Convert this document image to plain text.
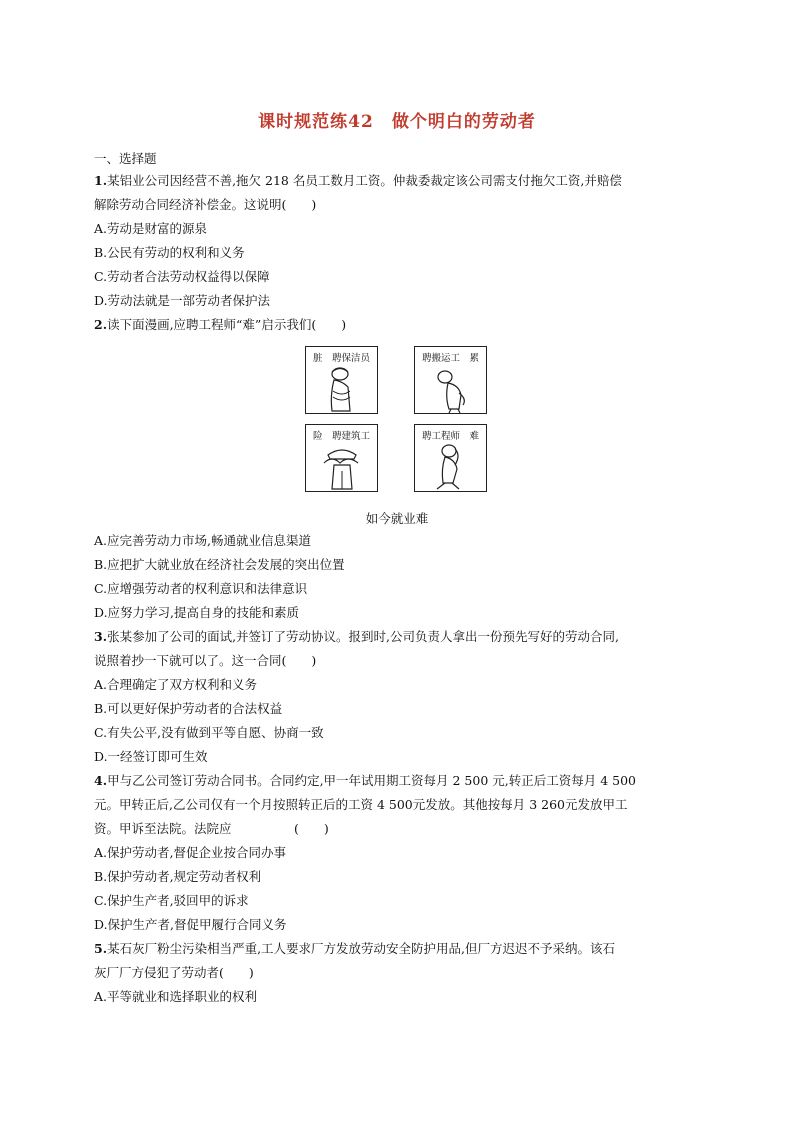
课时规范练42　做个明白的劳动者
一、选择题
1.某铝业公司因经营不善,拖欠 218 名员工数月工资。仲裁委裁定该公司需支付拖欠工资,并赔偿
解除劳动合同经济补偿金。这说明(　　)
A.劳动是财富的源泉
B.公民有劳动的权利和义务
C.劳动者合法劳动权益得以保障
D.劳动法就是一部劳动者保护法
2.读下面漫画,应聘工程师“难”启示我们(　　)
脏　聘保洁员	聘搬运工　累
险　聘建筑工	聘工程师　难
如今就业难
A.应完善劳动力市场,畅通就业信息渠道
B.应把扩大就业放在经济社会发展的突出位置
C.应增强劳动者的权利意识和法律意识
D.应努力学习,提高自身的技能和素质
3.张某参加了公司的面试,并签订了劳动协议。报到时,公司负责人拿出一份预先写好的劳动合同,
说照着抄一下就可以了。这一合同(　　)
A.合理确定了双方权利和义务
B.可以更好保护劳动者的合法权益
C.有失公平,没有做到平等自愿、协商一致
D.一经签订即可生效
4.甲与乙公司签订劳动合同书。合同约定,甲一年试用期工资每月 2 500 元,转正后工资每月 4 500
元。甲转正后,乙公司仅有一个月按照转正后的工资 4 500元发放。其他按每月 3 260元发放甲工
资。甲诉至法院。法院应　　　　　(　　)
A.保护劳动者,督促企业按合同办事
B.保护劳动者,规定劳动者权利
C.保护生产者,驳回甲的诉求
D.保护生产者,督促甲履行合同义务
5.某石灰厂粉尘污染相当严重,工人要求厂方发放劳动安全防护用品,但厂方迟迟不予采纳。该石
灰厂厂方侵犯了劳动者(　　)
A.平等就业和选择职业的权利
